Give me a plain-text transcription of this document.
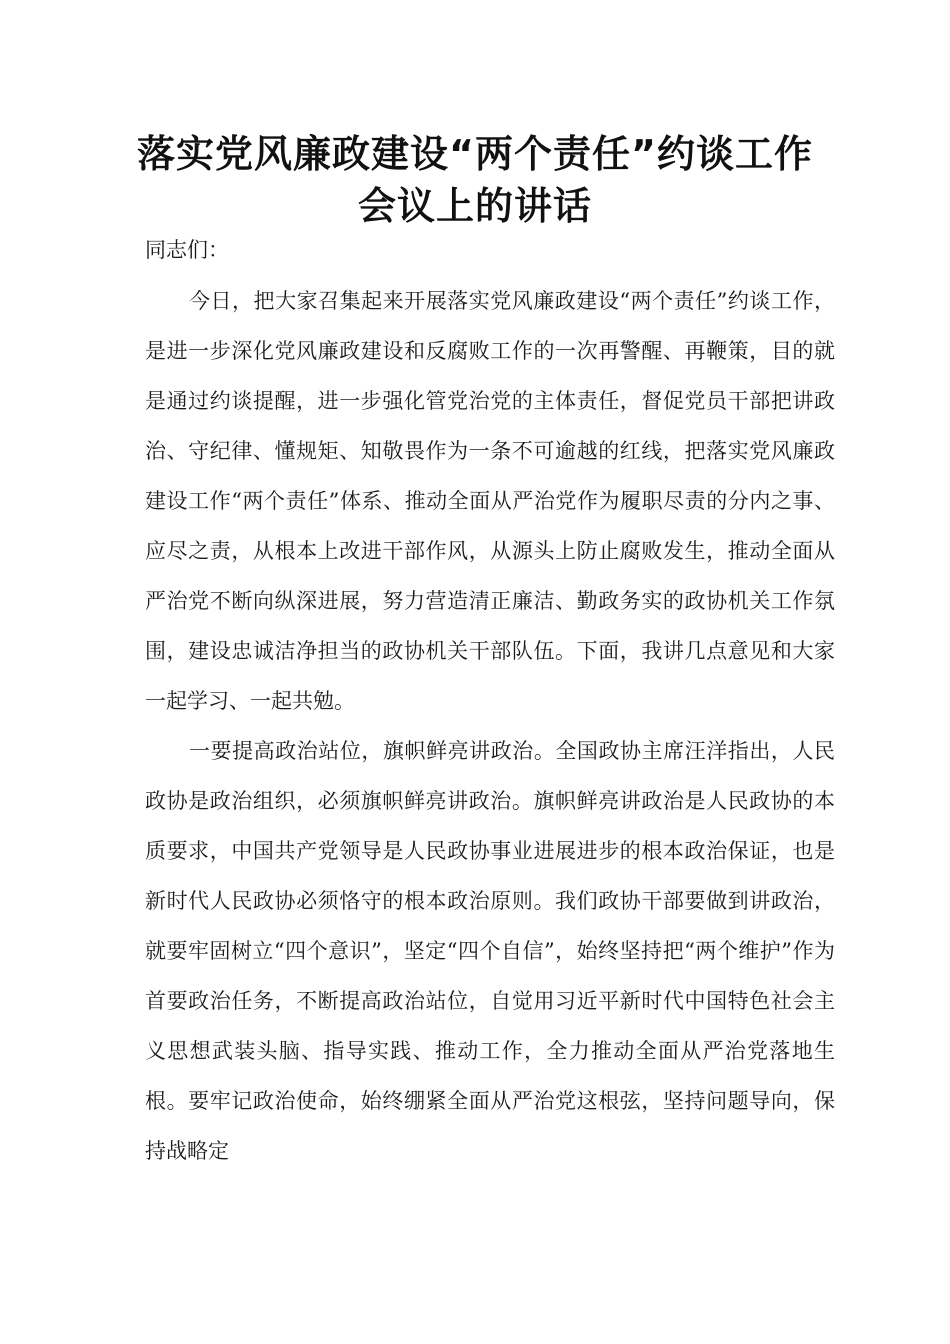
落实党风廉政建设“两个责任”约谈工作会议上的讲话

同志们：

今日，把大家召集起来开展落实党风廉政建设“两个责任”约谈工作，是进一步深化党风廉政建设和反腐败工作的一次再警醒、再鞭策，目的就是通过约谈提醒，进一步强化管党治党的主体责任，督促党员干部把讲政治、守纪律、懂规矩、知敬畏作为一条不可逾越的红线，把落实党风廉政建设工作“两个责任”体系、推动全面从严治党作为履职尽责的分内之事、应尽之责，从根本上改进干部作风，从源头上防止腐败发生，推动全面从严治党不断向纵深进展，努力营造清正廉洁、勤政务实的政协机关工作氛围，建设忠诚洁净担当的政协机关干部队伍。下面，我讲几点意见和大家一起学习、一起共勉。

一要提高政治站位，旗帜鲜亮讲政治。全国政协主席汪洋指出，人民政协是政治组织，必须旗帜鲜亮讲政治。旗帜鲜亮讲政治是人民政协的本质要求，中国共产党领导是人民政协事业进展进步的根本政治保证，也是新时代人民政协必须恪守的根本政治原则。我们政协干部要做到讲政治，就要牢固树立“四个意识”，坚定“四个自信”，始终坚持把“两个维护”作为首要政治任务，不断提高政治站位，自觉用习近平新时代中国特色社会主义思想武装头脑、指导实践、推动工作，全力推动全面从严治党落地生根。要牢记政治使命，始终绷紧全面从严治党这根弦，坚持问题导向，保持战略定
